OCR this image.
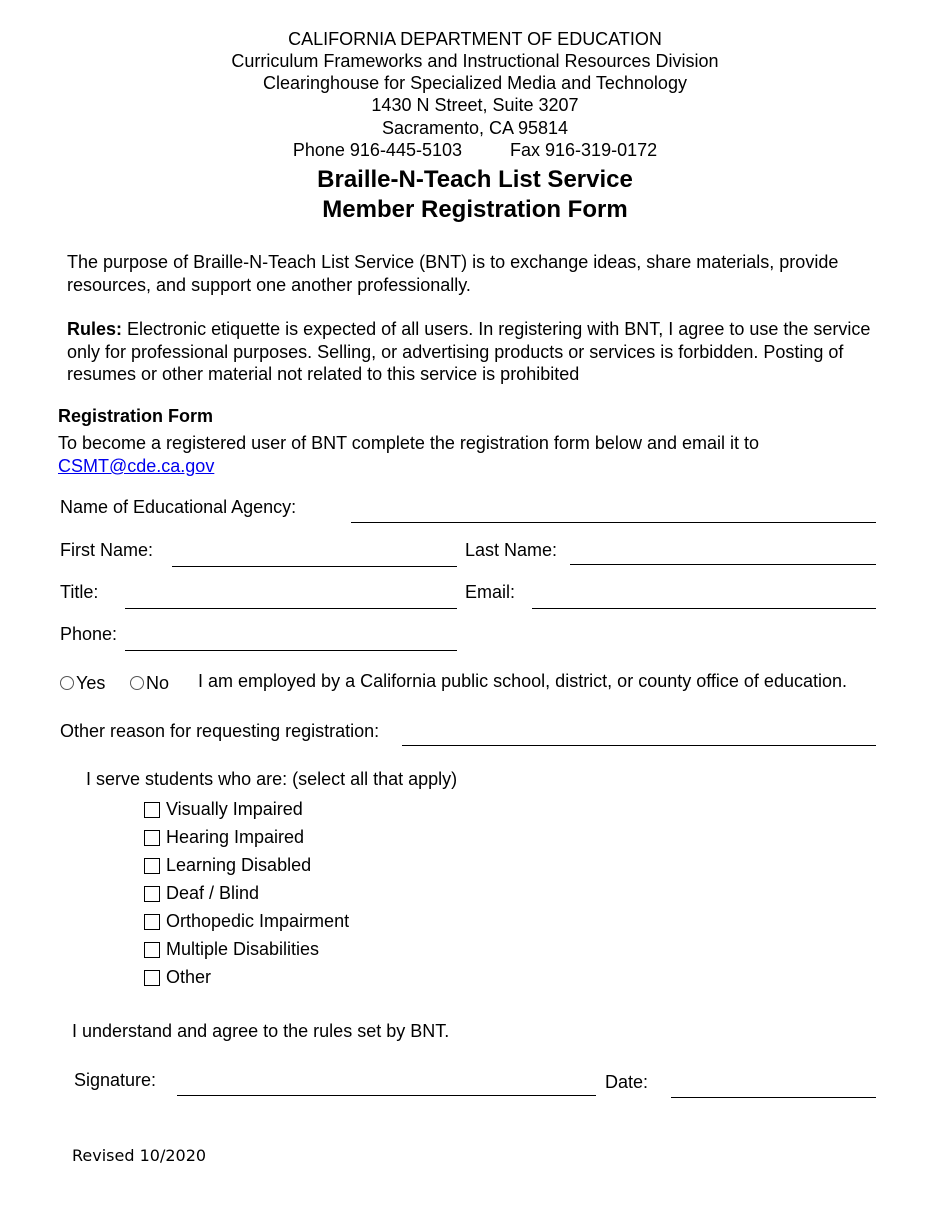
CALIFORNIA DEPARTMENT OF EDUCATION
Curriculum Frameworks and Instructional Resources Division
Clearinghouse for Specialized Media and Technology
1430 N Street, Suite 3207
Sacramento, CA 95814
Phone 916-445-5103	Fax 916-319-0172
Braille-N-Teach List Service
Member Registration Form
The purpose of Braille-N-Teach List Service (BNT) is to exchange ideas, share materials, provide resources, and support one another professionally.
Rules: Electronic etiquette is expected of all users. In registering with BNT, I agree to use the service only for professional purposes. Selling, or advertising products or services is forbidden. Posting of resumes or other material not related to this service is prohibited
Registration Form
To become a registered user of BNT complete the registration form below and email it to
CSMT@cde.ca.gov
Name of Educational Agency:
First Name:	Last Name:
Title:	Email:
Phone:
Yes	No I am employed by a California public school, district, or county office of education.
Other reason for requesting registration:
I serve students who are: (select all that apply)
Visually Impaired
Hearing Impaired
Learning Disabled
Deaf / Blind
Orthopedic Impairment
Multiple Disabilities
Other
I understand and agree to the rules set by BNT.
Signature:	Date:
Revised 10/2020
